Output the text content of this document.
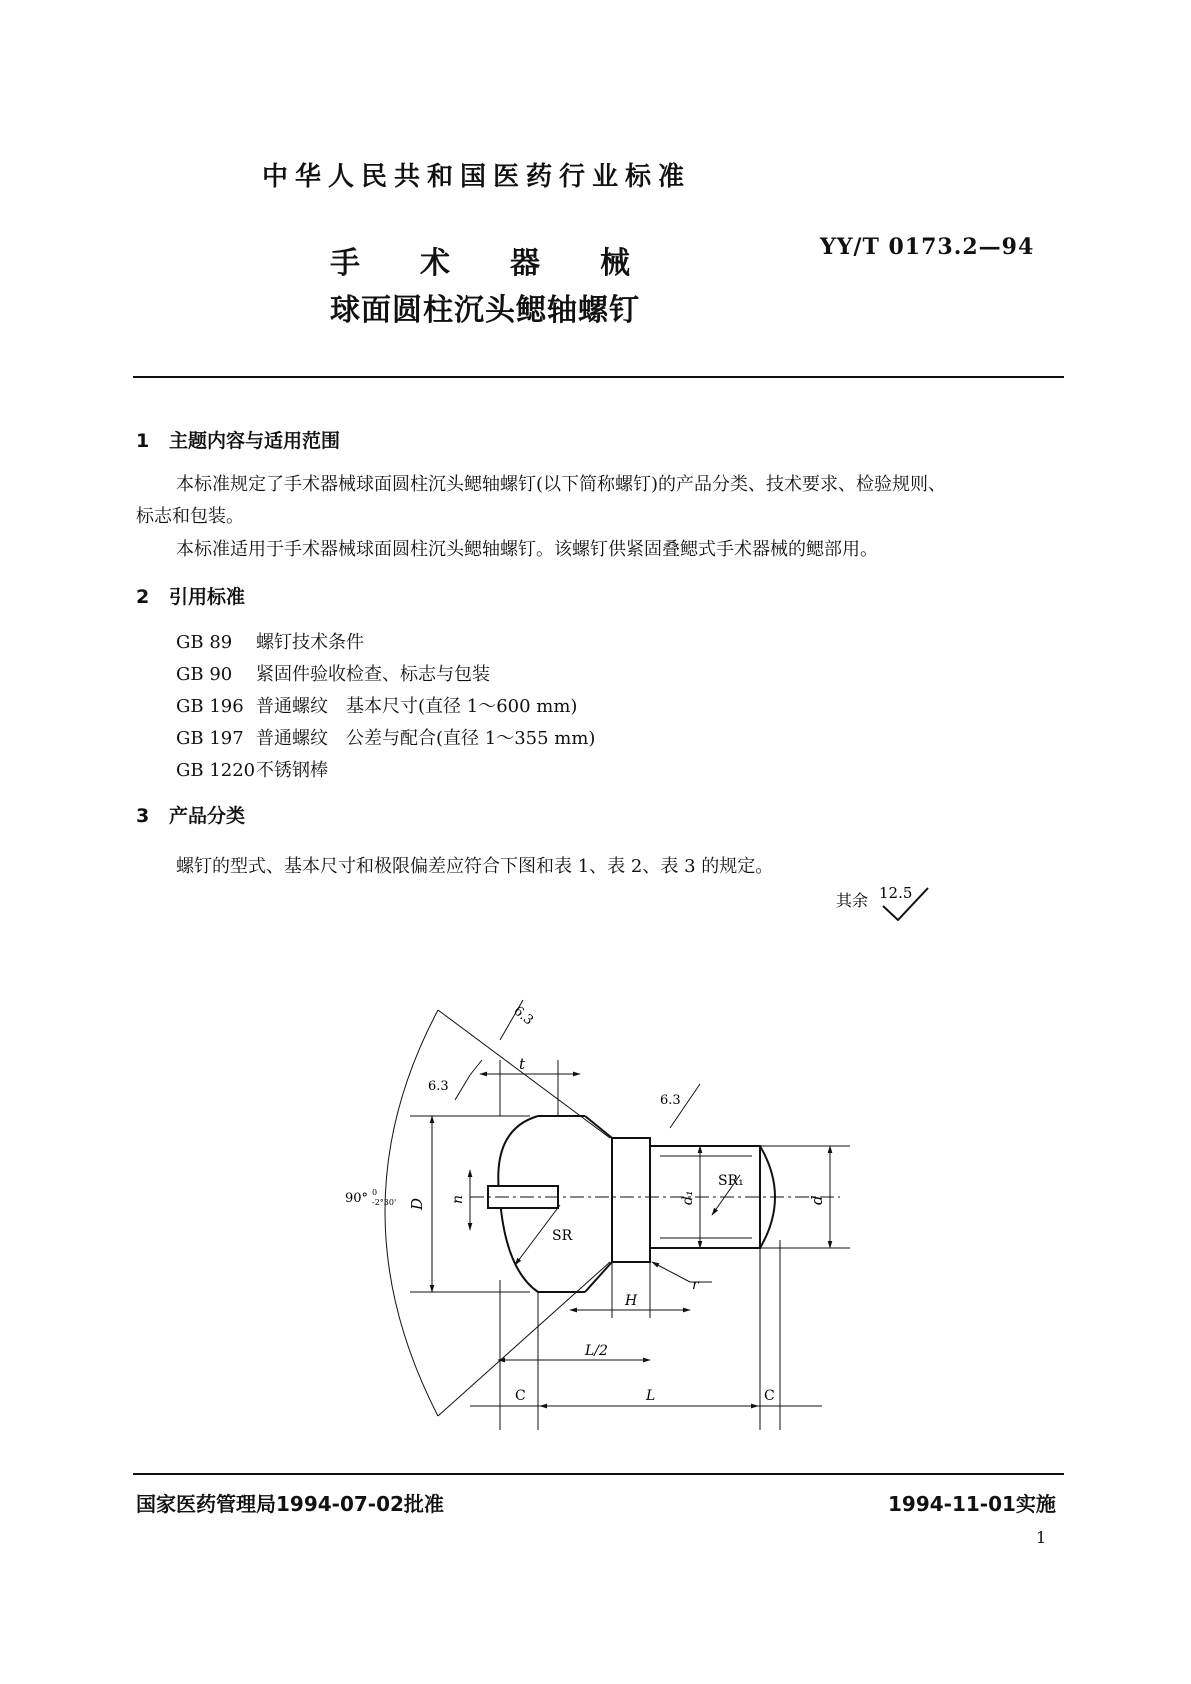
中华人民共和国医药行业标准
手 术 器 械
球面圆柱沉头鳃轴螺钉
YY/T 0173.2—94
1 主题内容与适用范围
本标准规定了手术器械球面圆柱沉头鳃轴螺钉(以下简称螺钉)的产品分类、技术要求、检验规则、
标志和包装。
本标准适用于手术器械球面圆柱沉头鳃轴螺钉。该螺钉供紧固叠鳃式手术器械的鳃部用。
2 引用标准
GB 89 螺钉技术条件
GB 90 紧固件验收检查、标志与包装
GB 196 普通螺纹　基本尺寸(直径 1～600 mm)
GB 197 普通螺纹　公差与配合(直径 1～355 mm)
GB 1220不锈钢棒
3 产品分类
螺钉的型式、基本尺寸和极限偏差应符合下图和表 1、表 2、表 3 的规定。
其余 12.5
6.3
6.3
6.3
t
D n
SR
d₁
SR₁
d
r
H
L/2
C	L	C
90° 0
-2°30'
国家医药管理局1994-07-02批准	1994-11-01实施
1
